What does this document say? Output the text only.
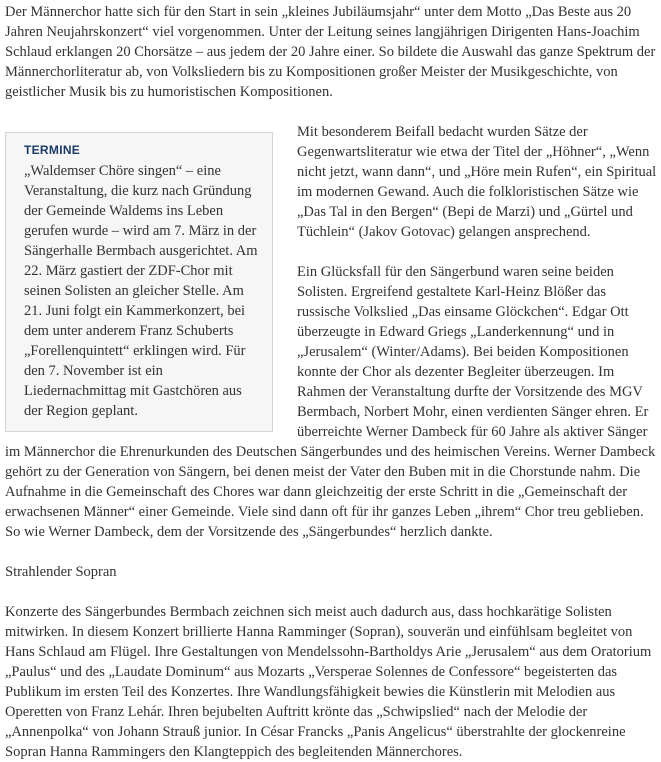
Der Männerchor hatte sich für den Start in sein „kleines Jubiläumsjahr“ unter dem Motto „Das Beste aus 20 Jahren Neujahrskonzert“ viel vorgenommen. Unter der Leitung seines langjährigen Dirigenten Hans-Joachim Schlaud erklangen 20 Chorsätze – aus jedem der 20 Jahre einer. So bildete die Auswahl das ganze Spektrum der Männerchorliteratur ab, von Volksliedern bis zu Kompositionen großer Meister der Musikgeschichte, von geistlicher Musik bis zu humoristischen Kompositionen.

TERMINE
„Waldemser Chöre singen“ – eine Veranstaltung, die kurz nach Gründung der Gemeinde Waldems ins Leben gerufen wurde – wird am 7. März in der Sängerhalle Bermbach ausgerichtet. Am 22. März gastiert der ZDF-Chor mit seinen Solisten an gleicher Stelle. Am 21. Juni folgt ein Kammerkonzert, bei dem unter anderem Franz Schuberts „Forellenquintett“ erklingen wird. Für den 7. November ist ein Liedernachmittag mit Gastchören aus der Region geplant.

Mit besonderem Beifall bedacht wurden Sätze der Gegenwartsliteratur wie etwa der Titel der „Höhner“, „Wenn nicht jetzt, wann dann“, und „Höre mein Rufen“, ein Spiritual im modernen Gewand. Auch die folkloristischen Sätze wie „Das Tal in den Bergen“ (Bepi de Marzi) und „Gürtel und Tüchlein“ (Jakov Gotovac) gelangen ansprechend.

Ein Glücksfall für den Sängerbund waren seine beiden Solisten. Ergreifend gestaltete Karl-Heinz Blößer das russische Volkslied „Das einsame Glöckchen“. Edgar Ott überzeugte in Edward Griegs „Landerkennung“ und in „Jerusalem“ (Winter/Adams). Bei beiden Kompositionen konnte der Chor als dezenter Begleiter überzeugen. Im Rahmen der Veranstaltung durfte der Vorsitzende des MGV Bermbach, Norbert Mohr, einen verdienten Sänger ehren. Er überreichte Werner Dambeck für 60 Jahre als aktiver Sänger im Männerchor die Ehrenurkunden des Deutschen Sängerbundes und des heimischen Vereins. Werner Dambeck gehört zu der Generation von Sängern, bei denen meist der Vater den Buben mit in die Chorstunde nahm. Die Aufnahme in die Gemeinschaft des Chores war dann gleichzeitig der erste Schritt in die „Gemeinschaft der erwachsenen Männer“ einer Gemeinde. Viele sind dann oft für ihr ganzes Leben „ihrem“ Chor treu geblieben. So wie Werner Dambeck, dem der Vorsitzende des „Sängerbundes“ herzlich dankte.

Strahlender Sopran

Konzerte des Sängerbundes Bermbach zeichnen sich meist auch dadurch aus, dass hochkarätige Solisten mitwirken. In diesem Konzert brillierte Hanna Ramminger (Sopran), souverän und einfühlsam begleitet von Hans Schlaud am Flügel. Ihre Gestaltungen von Mendelssohn-Bartholdys Arie „Jerusalem“ aus dem Oratorium „Paulus“ und des „Laudate Dominum“ aus Mozarts „Versperae Solennes de Confessore“ begeisterten das Publikum im ersten Teil des Konzertes. Ihre Wandlungsfähigkeit bewies die Künstlerin mit Melodien aus Operetten von Franz Lehár. Ihren bejubelten Auftritt krönte das „Schwipslied“ nach der Melodie der „Annenpolka“ von Johann Strauß junior. In César Francks „Panis Angelicus“ überstrahlte der glockenreine Sopran Hanna Rammingers den Klangteppich des begleitenden Männerchores.
